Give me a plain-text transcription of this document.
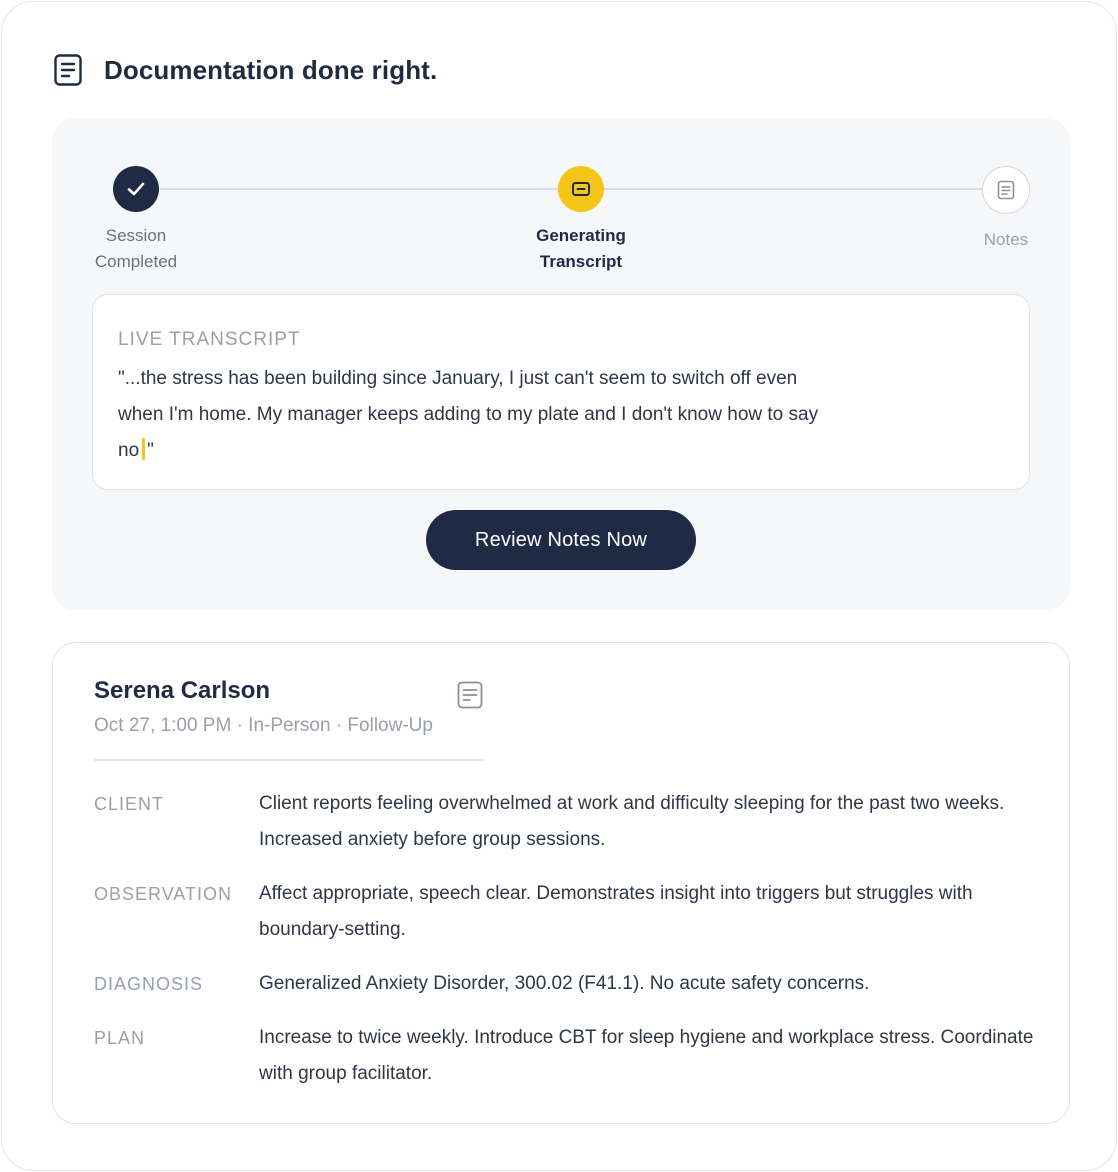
Documentation done right.
Session
Completed
Generating
Transcript
Notes
LIVE TRANSCRIPT
"...the stress has been building since January, I just can't seem to switch off even when I'm home. My manager keeps adding to my plate and I don't know how to say no "
Review Notes Now
Serena Carlson
Oct 27, 1:00 PM · In-Person · Follow-Up
CLIENT	Client reports feeling overwhelmed at work and difficulty sleeping for the past two weeks. Increased anxiety before group sessions.
OBSERVATION Affect appropriate, speech clear. Demonstrates insight into triggers but struggles with boundary-setting.
DIAGNOSIS	Generalized Anxiety Disorder, 300.02 (F41.1). No acute safety concerns.
PLAN	Increase to twice weekly. Introduce CBT for sleep hygiene and workplace stress. Coordinate with group facilitator.
